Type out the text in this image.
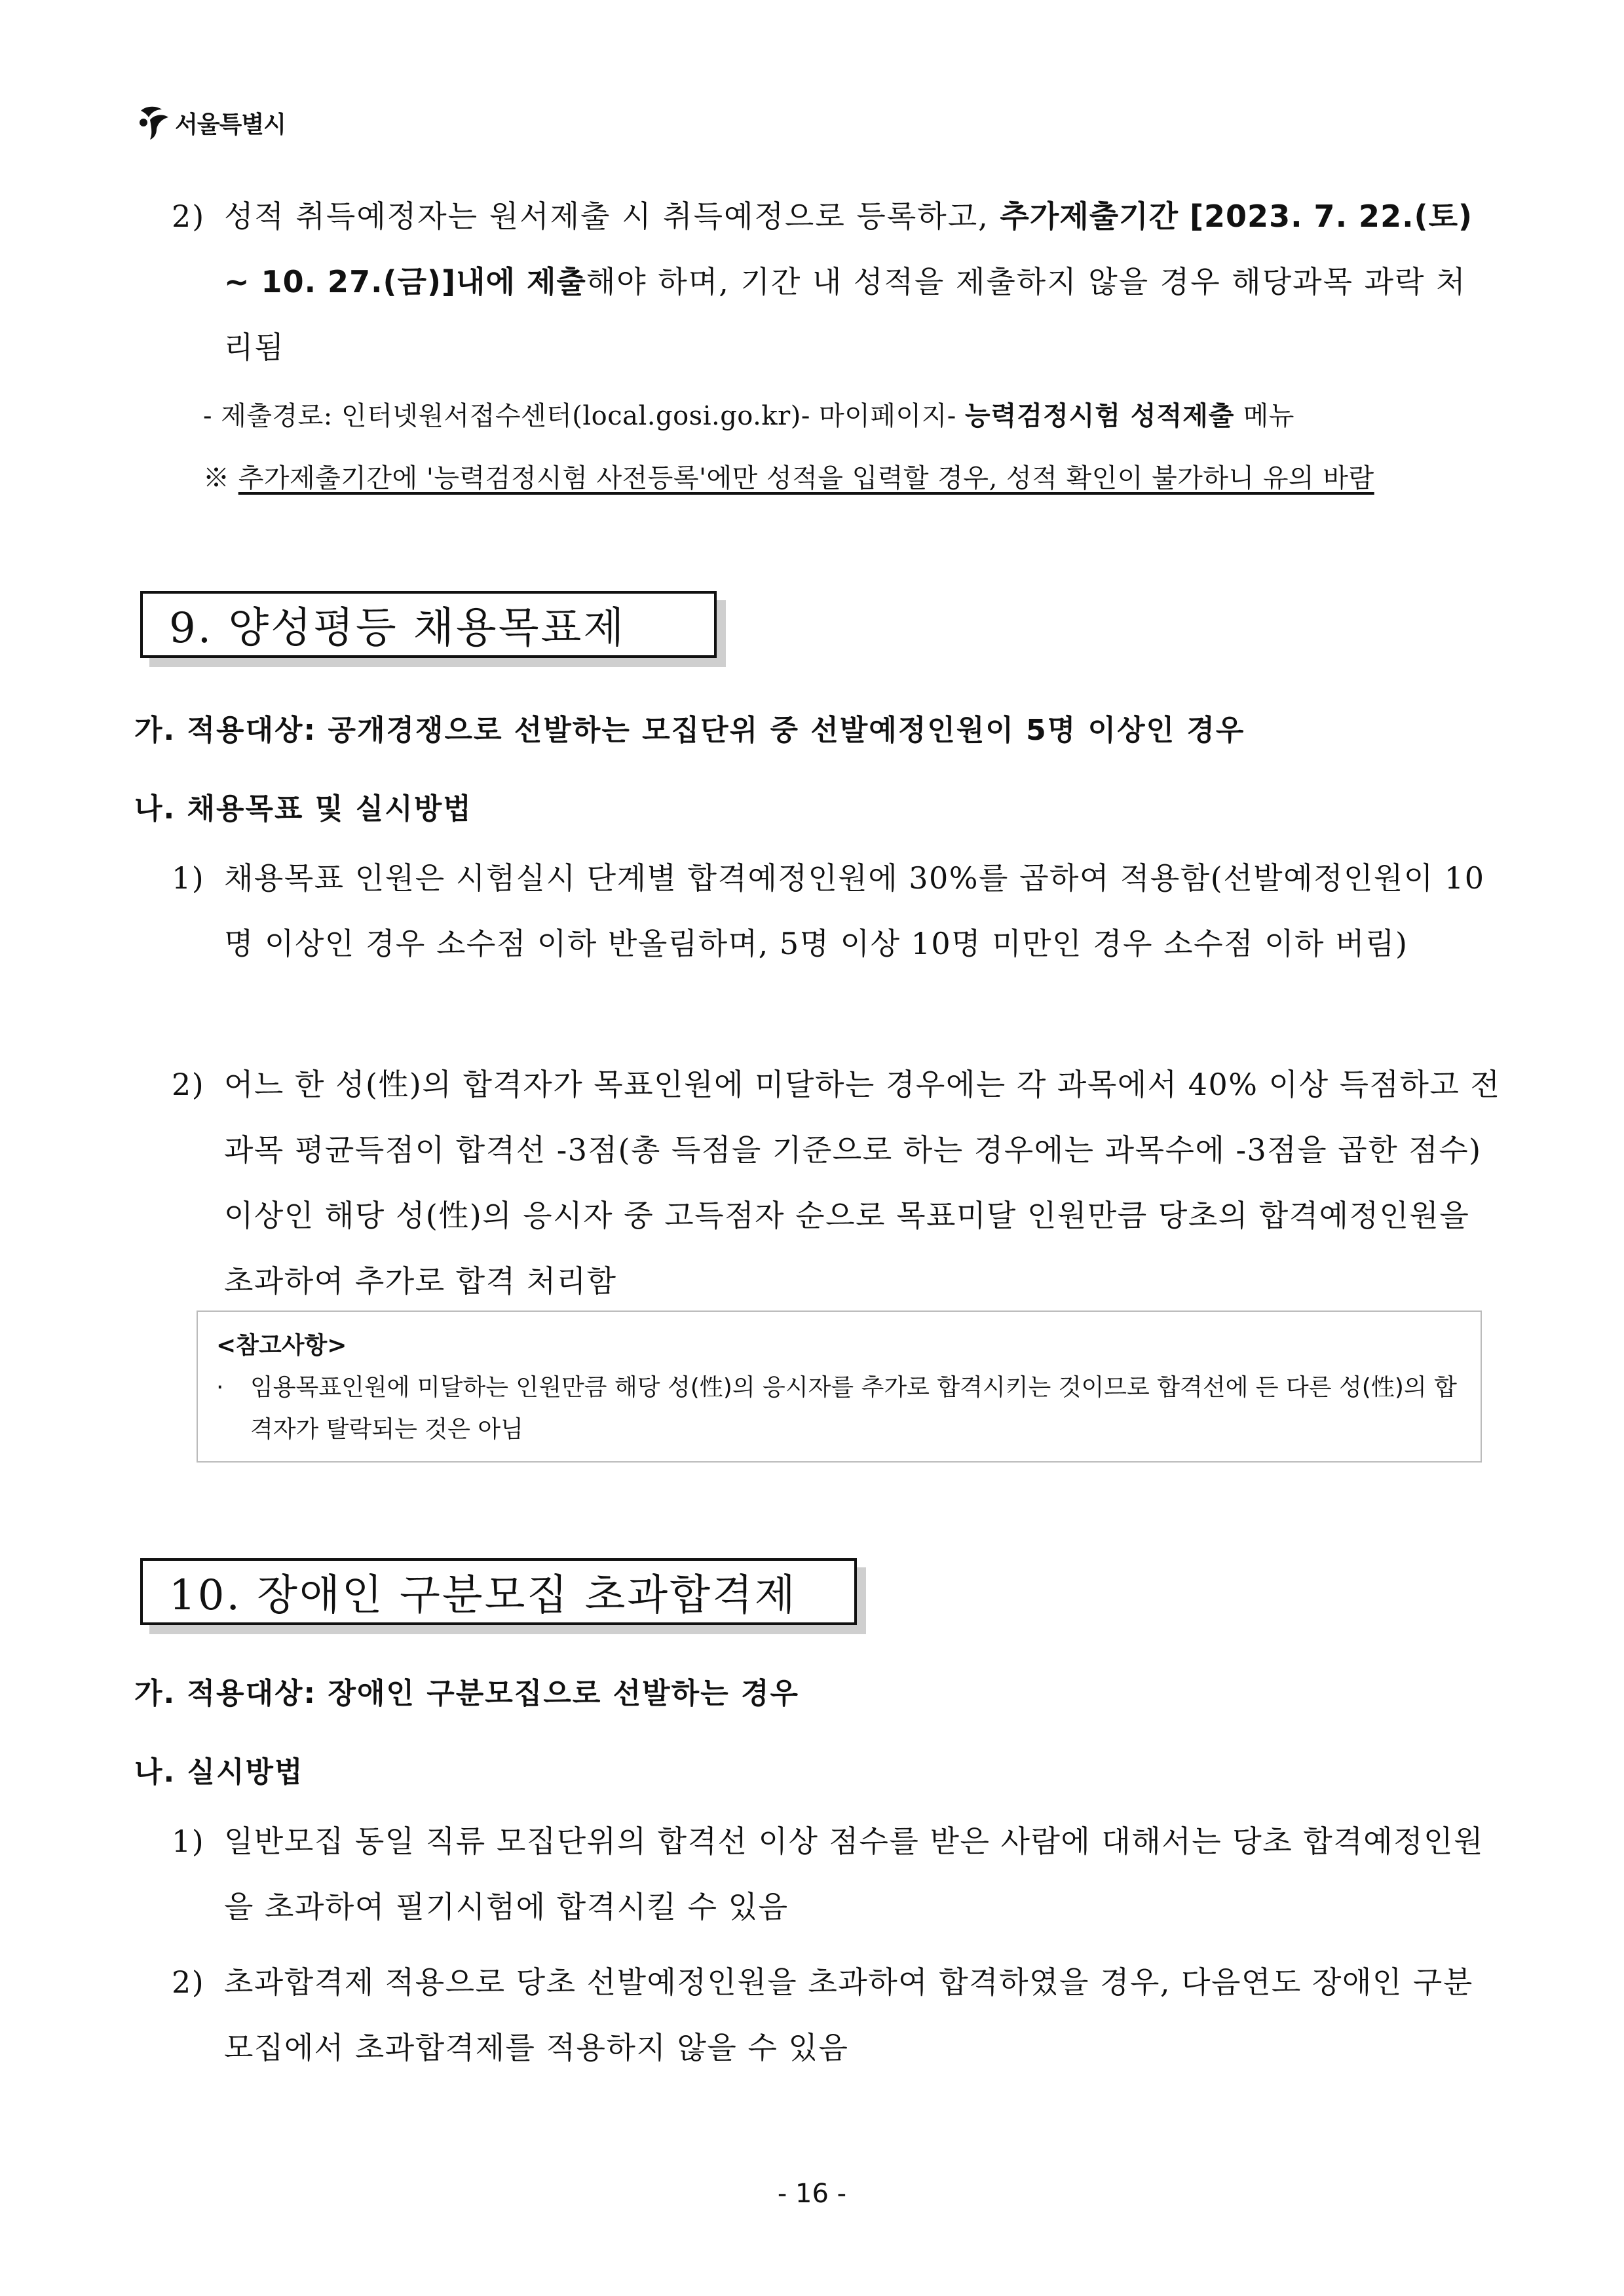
서울특별시
2) 성적 취득예정자는 원서제출 시 취득예정으로 등록하고, 추가제출기간 [2023. 7. 22.(토) ~ 10. 27.(금)]내에 제출해야 하며, 기간 내 성적을 제출하지 않을 경우 해당과목 과락 처리됨
- 제출경로: 인터넷원서접수센터(local.gosi.go.kr)- 마이페이지- 능력검정시험 성적제출 메뉴
※ 추가제출기간에 '능력검정시험 사전등록'에만 성적을 입력할 경우, 성적 확인이 불가하니 유의 바람
9. 양성평등 채용목표제
가. 적용대상: 공개경쟁으로 선발하는 모집단위 중 선발예정인원이 5명 이상인 경우
나. 채용목표 및 실시방법
1) 채용목표 인원은 시험실시 단계별 합격예정인원에 30%를 곱하여 적용함(선발예정인원이 10명 이상인 경우 소수점 이하 반올림하며, 5명 이상 10명 미만인 경우 소수점 이하 버림)
2) 어느 한 성(性)의 합격자가 목표인원에 미달하는 경우에는 각 과목에서 40% 이상 득점하고 전 과목 평균득점이 합격선 -3점(총 득점을 기준으로 하는 경우에는 과목수에 -3점을 곱한 점수) 이상인 해당 성(性)의 응시자 중 고득점자 순으로 목표미달 인원만큼 당초의 합격예정인원을 초과하여 추가로 합격 처리함
<참고사항>
· 임용목표인원에 미달하는 인원만큼 해당 성(性)의 응시자를 추가로 합격시키는 것이므로 합격선에 든 다른 성(性)의 합격자가 탈락되는 것은 아님
10. 장애인 구분모집 초과합격제
가. 적용대상: 장애인 구분모집으로 선발하는 경우
나. 실시방법
1) 일반모집 동일 직류 모집단위의 합격선 이상 점수를 받은 사람에 대해서는 당초 합격예정인원을 초과하여 필기시험에 합격시킬 수 있음
2) 초과합격제 적용으로 당초 선발예정인원을 초과하여 합격하였을 경우, 다음연도 장애인 구분모집에서 초과합격제를 적용하지 않을 수 있음
- 16 -
